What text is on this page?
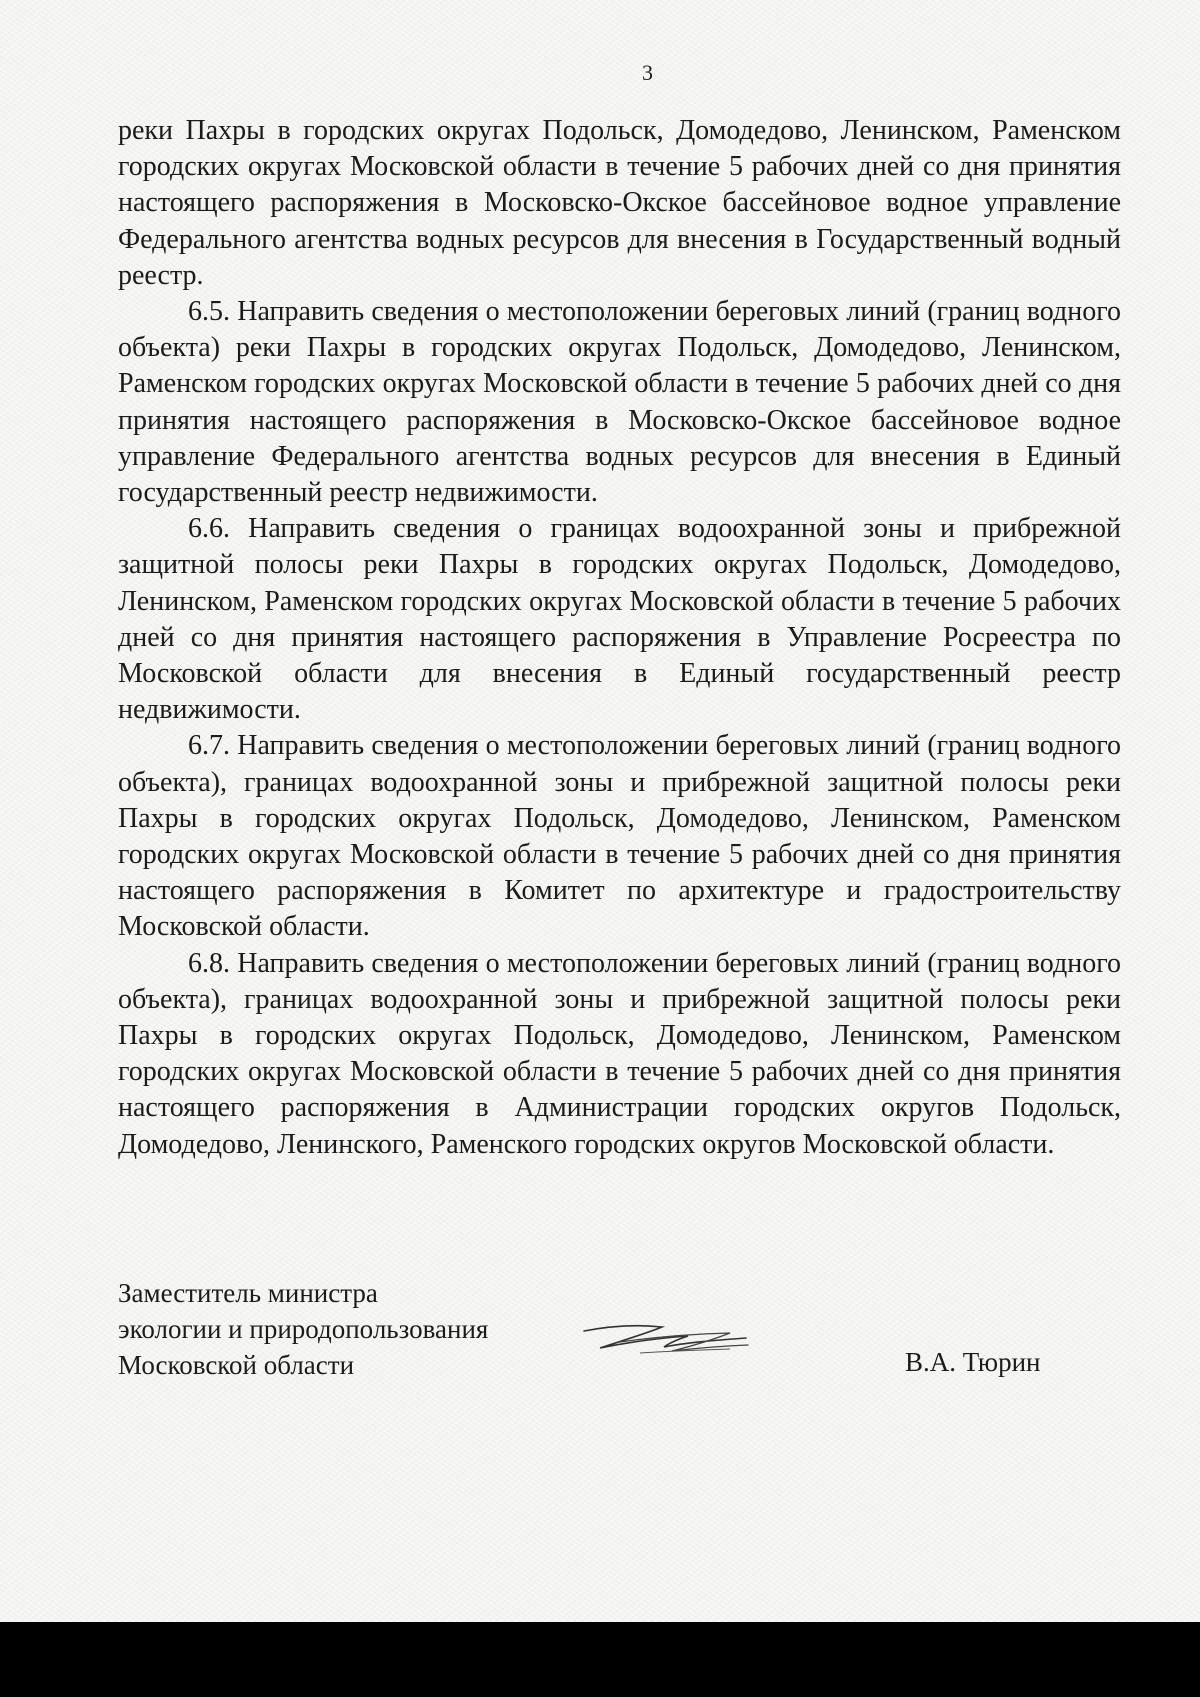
3

реки Пахры в городских округах Подольск, Домодедово, Ленинском, Раменском городских округах Московской области в течение 5 рабочих дней со дня принятия настоящего распоряжения в Московско-Окское бассейновое водное управление Федерального агентства водных ресурсов для внесения в Государственный водный реестр.

6.5. Направить сведения о местоположении береговых линий (границ водного объекта) реки Пахры в городских округах Подольск, Домодедово, Ленинском, Раменском городских округах Московской области в течение 5 рабочих дней со дня принятия настоящего распоряжения в Московско-Окское бассейновое водное управление Федерального агентства водных ресурсов для внесения в Единый государственный реестр недвижимости.

6.6. Направить сведения о границах водоохранной зоны и прибрежной защитной полосы реки Пахры в городских округах Подольск, Домодедово, Ленинском, Раменском городских округах Московской области в течение 5 рабочих дней со дня принятия настоящего распоряжения в Управление Росреестра по Московской области для внесения в Единый государственный реестр недвижимости.

6.7. Направить сведения о местоположении береговых линий (границ водного объекта), границах водоохранной зоны и прибрежной защитной полосы реки Пахры в городских округах Подольск, Домодедово, Ленинском, Раменском городских округах Московской области в течение 5 рабочих дней со дня принятия настоящего распоряжения в Комитет по архитектуре и градостроительству Московской области.

6.8. Направить сведения о местоположении береговых линий (границ водного объекта), границах водоохранной зоны и прибрежной защитной полосы реки Пахры в городских округах Подольск, Домодедово, Ленинском, Раменском городских округах Московской области в течение 5 рабочих дней со дня принятия настоящего распоряжения в Администрации городских округов Подольск, Домодедово, Ленинского, Раменского городских округов Московской области.

Заместитель министра
экологии и природопользования
Московской области	В.А. Тюрин
